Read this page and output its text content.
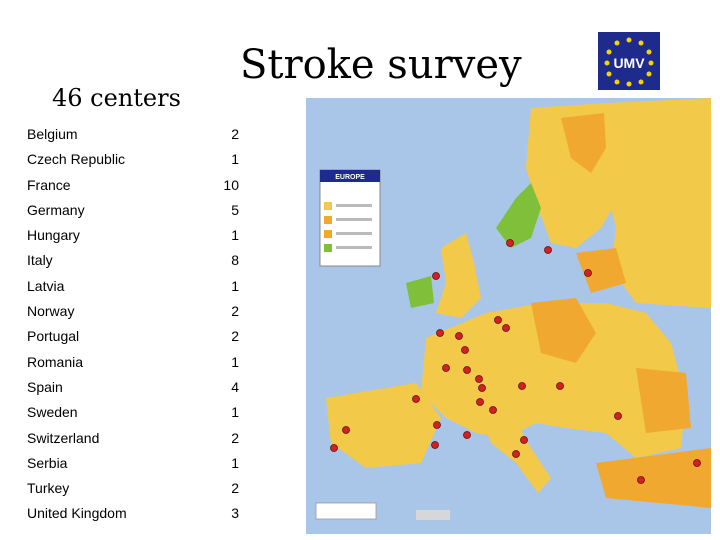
Stroke survey
46 centers
UMV
Belgium	2
Czech Republic	1
France	10
Germany	5
Hungary	1
Italy	8
Latvia	1
Norway	2
Portugal	2
Romania	1
Spain	4
Sweden	1
Switzerland	2
Serbia	1
Turkey	2
United Kingdom	3
EUROPE
